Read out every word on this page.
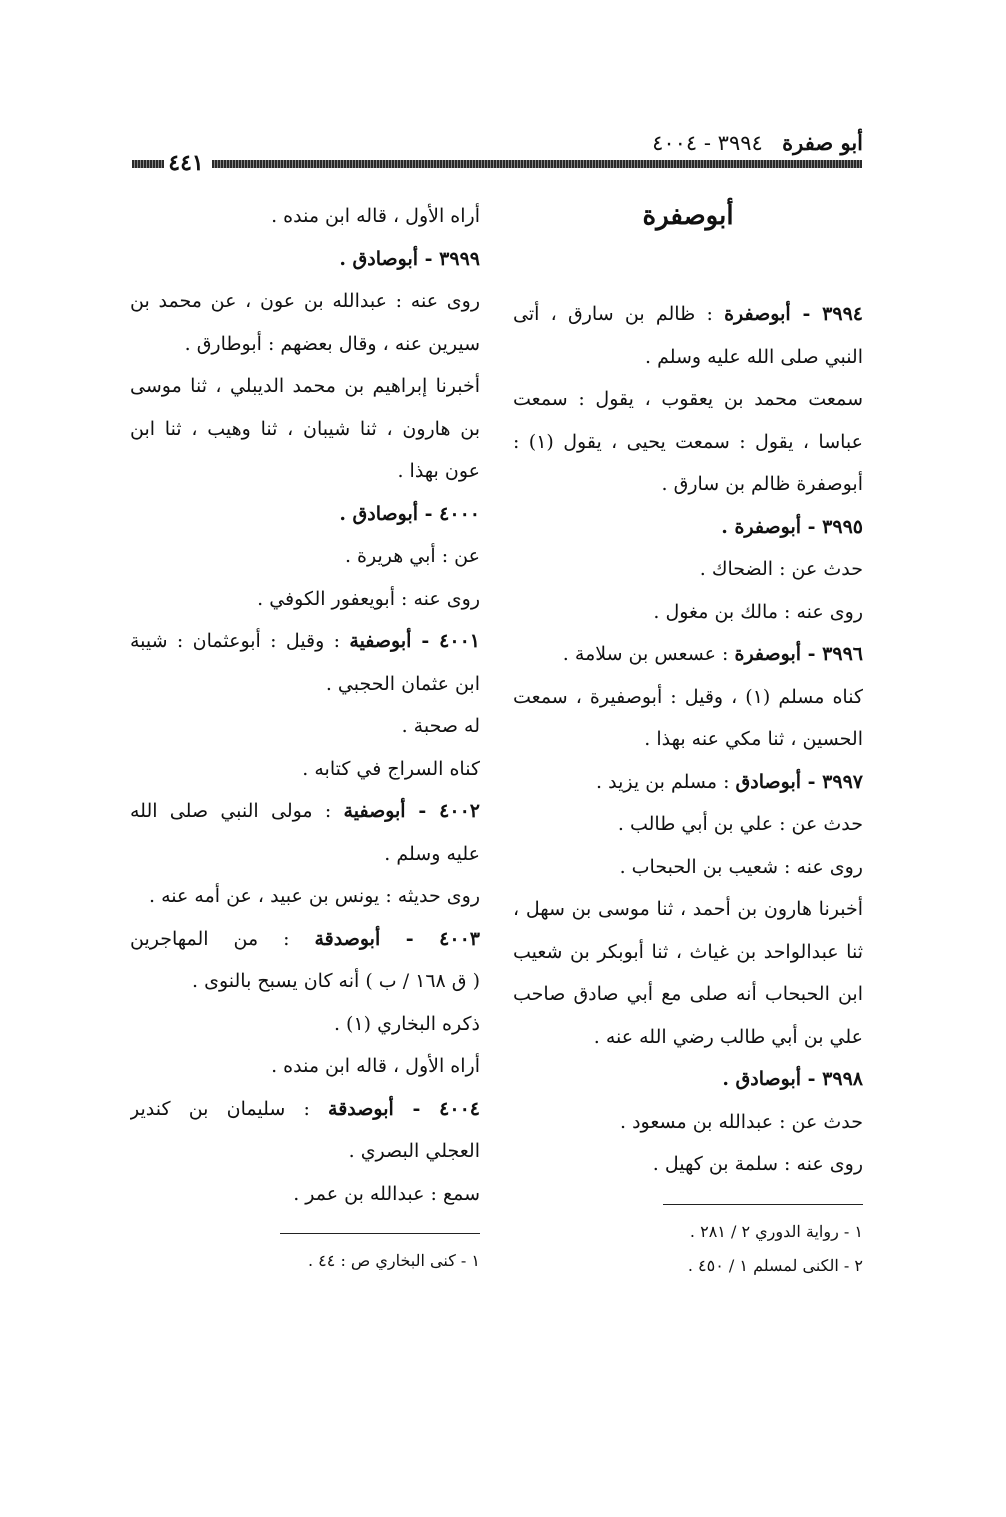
أبو صفرة ٣٩٩٤ - ٤٠٠٤
٤٤١
أبوصفرة
٣٩٩٤ - أبوصفرة : ظالم بن سارق ، أتى
النبي صلى الله عليه وسلم .
سمعت محمد بن يعقوب ، يقول : سمعت
عباسا ، يقول : سمعت يحيى ، يقول (١) :
أبوصفرة ظالم بن سارق .
٣٩٩٥ - أبوصفرة .
حدث عن : الضحاك .
روى عنه : مالك بن مغول .
٣٩٩٦ - أبوصفرة : عسعس بن سلامة .
كناه مسلم (١) ، وقيل : أبوصفيرة ، سمعت
الحسين ، ثنا مكي عنه بهذا .
٣٩٩٧ - أبوصادق : مسلم بن يزيد .
حدث عن : علي بن أبي طالب .
روى عنه : شعيب بن الحبحاب .
أخبرنا هارون بن أحمد ، ثنا موسى بن سهل ،
ثنا عبدالواحد بن غياث ، ثنا أبوبكر بن شعيب
ابن الحبحاب أنه صلى مع أبي صادق صاحب
علي بن أبي طالب رضي الله عنه .
٣٩٩٨ - أبوصادق .
حدث عن : عبدالله بن مسعود .
روى عنه : سلمة بن كهيل .
١ - رواية الدوري ٢ / ٢٨١ .
٢ - الكنى لمسلم ١ / ٤٥٠ .
أراه الأول ، قاله ابن منده .
٣٩٩٩ - أبوصادق .
روى عنه : عبدالله بن عون ، عن محمد بن
سيرين عنه ، وقال بعضهم : أبوطارق .
أخبرنا إبراهيم بن محمد الديبلي ، ثنا موسى
بن هارون ، ثنا شيبان ، ثنا وهيب ، ثنا ابن
عون بهذا .
٤٠٠٠ - أبوصادق .
عن : أبي هريرة .
روى عنه : أبويعفور الكوفي .
٤٠٠١ - أبوصفية : وقيل : أبوعثمان : شيبة
ابن عثمان الحجبي .
له صحبة .
كناه السراج في كتابه .
٤٠٠٢ - أبوصفية : مولى النبي صلى الله
عليه وسلم .
روى حديثه : يونس بن عبيد ، عن أمه عنه .
٤٠٠٣ - أبوصدقة : من المهاجرين
( ق ١٦٨ / ب ) أنه كان يسبح بالنوى .
ذكره البخاري (١) .
أراه الأول ، قاله ابن منده .
٤٠٠٤ - أبوصدقة : سليمان بن كندير
العجلي البصري .
سمع : عبدالله بن عمر .
١ - كنى البخاري ص : ٤٤ .
